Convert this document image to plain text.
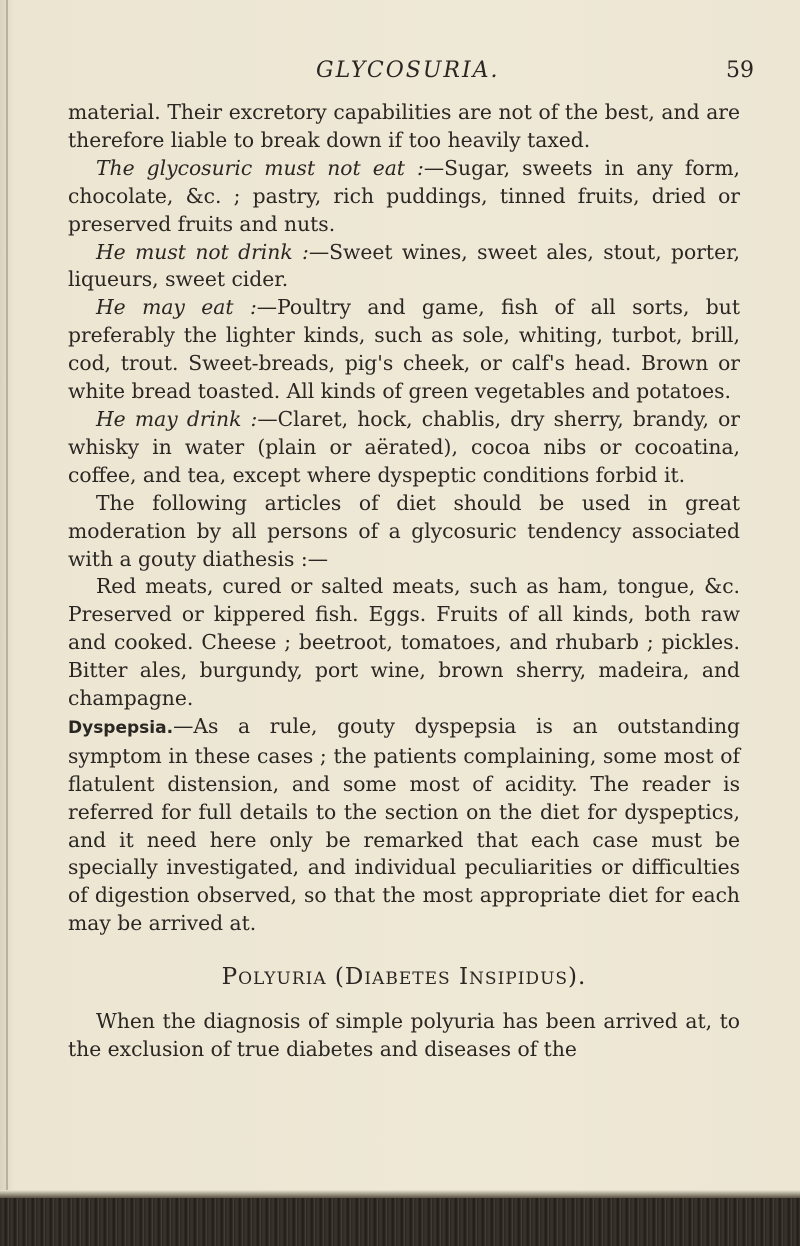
GLYCOSURIA.	59

material. Their excretory capabilities are not of the best, and are therefore liable to break down if too heavily taxed.

The glycosuric must not eat :—Sugar, sweets in any form, chocolate, &c. ; pastry, rich puddings, tinned fruits, dried or preserved fruits and nuts.

He must not drink :—Sweet wines, sweet ales, stout, porter, liqueurs, sweet cider.

He may eat :—Poultry and game, fish of all sorts, but preferably the lighter kinds, such as sole, whiting, turbot, brill, cod, trout. Sweet-breads, pig's cheek, or calf's head. Brown or white bread toasted. All kinds of green vegetables and potatoes.

He may drink :—Claret, hock, chablis, dry sherry, brandy, or whisky in water (plain or aërated), cocoa nibs or cocoatina, coffee, and tea, except where dyspeptic conditions forbid it.

The following articles of diet should be used in great moderation by all persons of a glycosuric tendency associated with a gouty diathesis :—

Red meats, cured or salted meats, such as ham, tongue, &c. Preserved or kippered fish. Eggs. Fruits of all kinds, both raw and cooked. Cheese ; beetroot, tomatoes, and rhubarb ; pickles. Bitter ales, burgundy, port wine, brown sherry, madeira, and champagne.

Dyspepsia.—As a rule, gouty dyspepsia is an outstanding symptom in these cases ; the patients complaining, some most of flatulent distension, and some most of acidity. The reader is referred for full details to the section on the diet for dyspeptics, and it need here only be remarked that each case must be specially investigated, and individual peculiarities or difficulties of digestion observed, so that the most appropriate diet for each may be arrived at.

POLYURIA (DIABETES INSIPIDUS).

When the diagnosis of simple polyuria has been arrived at, to the exclusion of true diabetes and diseases of the
